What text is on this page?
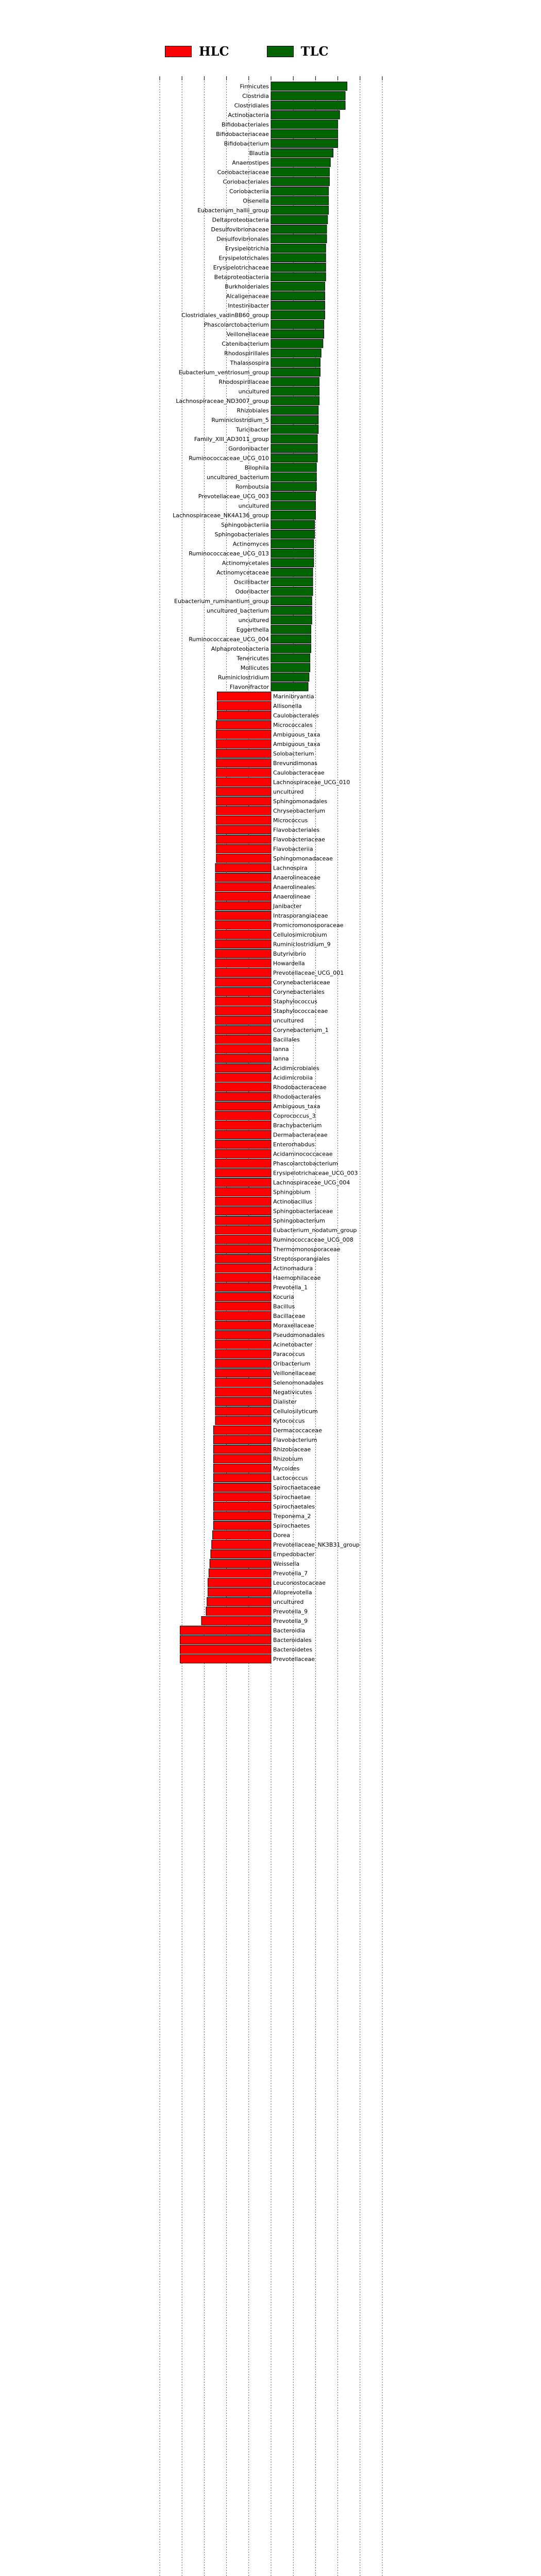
HLC	TLC
Firmicutes
Clostridia
Clostridiales
Actinobacteria
Bifidobacteriales
Bifidobacteriaceae
Bifidobacterium
Blautia
Anaerostipes
Coriobacteriaceae
Coriobacteriales
Coriobacteriia
Olsenella
Eubacterium_hallii_group
Deltaproteobacteria
Desulfovibrionaceae
Desulfovibrionales
Erysipelotrichia
Erysipelotrichales
Erysipelotrichaceae
Betaproteobacteria
Burkholderiales
Alcaligenaceae
Intestinibacter
Clostridiales_vadinBB60_group
Phascolarctobacterium
Veillonellaceae
Catenibacterium
Rhodospirillales
Thalassospira
Eubacterium_ventriosum_group
Rhodospirillaceae
uncultured
Lachnospiraceae_ND3007_group
Rhizobiales
Ruminiclostridium_5
Turicibacter
Family_XIII_AD3011_group
Gordonibacter
Ruminococcaceae_UCG_010
Bilophila
uncultured_bacterium
Romboutsia
Prevotellaceae_UCG_003
uncultured
Lachnospiraceae_NK4A136_group
Sphingobacteriia
Sphingobacteriales
Actinomyces
Ruminococcaceae_UCG_013
Actinomycetales
Actinomycetaceae
Oscillibacter
Odoribacter
Eubacterium_ruminantium_group
uncultured_bacterium
uncultured
Eggerthella
Ruminococcaceae_UCG_004
Alphaproteobacteria
Tenericutes
Mollicutes
Ruminiclostridium
Flavonifractor
Marinibryantia
Allisonella
Caulobacterales
Micrococcales
Ambiguous_taxa
Ambiguous_taxa
Solobacterium
Brevundimonas
Caulobacteraceae
Lachnospiraceae_UCG_010
uncultured
Sphingomonadales
Chryseobacterium
Micrococcus
Flavobacteriales
Flavobacteriaceae
Flavobacteriia
Sphingomonadaceae
Lachnospira
Anaerolineaceae
Anaerolineales
Anaerolineae
Janibacter
Intrasporangiaceae
Promicromonosporaceae
Cellulosimicrobium
Ruminiclostridium_9
Butyrivibrio
Howardella
Prevotellaceae_UCG_001
Corynebacteriaceae
Corynebacteriales
Staphylococcus
Staphylococcaceae
uncultured
Corynebacterium_1
Bacillales
Ianna
Ianna
Acidimicrobiales
Acidimicrobiia
Rhodobacteraceae
Rhodobacterales
Ambiguous_taxa
Coprococcus_3
Brachybacterium
Dermabacteraceae
Enterorhabdus
Acidaminococcaceae
Phascolarctobacterium
Erysipelotrichaceae_UCG_003
Lachnospiraceae_UCG_004
Sphingobium
Actinobacillus
Sphingobacteriaceae
Sphingobacterium
Eubacterium_nodatum_group
Ruminococcaceae_UCG_008
Thermomonosporaceae
Streptosporangiales
Actinomadura
Haemophilaceae
Prevotella_1
Kocuria
Bacillus
Bacillaceae
Moraxellaceae
Pseudomonadales
Acinetobacter
Paracoccus
Oribacterium
Veillonellaceae
Selenomonadales
Negativicutes
Dialister
Cellulosilyticum
Kytococcus
Dermacoccaceae
Flavobacterium
Rhizobiaceae
Rhizobium
Mycoides
Lactococcus
Spirochaetaceae
Spirochaetae
Spirochaetales
Treponema_2
Spirochaetes
Dorea
Prevotellaceae_NK3B31_group
Empedobacter
Weissella
Prevotella_7
Leuconostocaceae
Alloprevotella
uncultured
Prevotella_9
Prevotella_9
Bacteroidia
Bacteroidales
Bacteroidetes
Prevotellaceae
